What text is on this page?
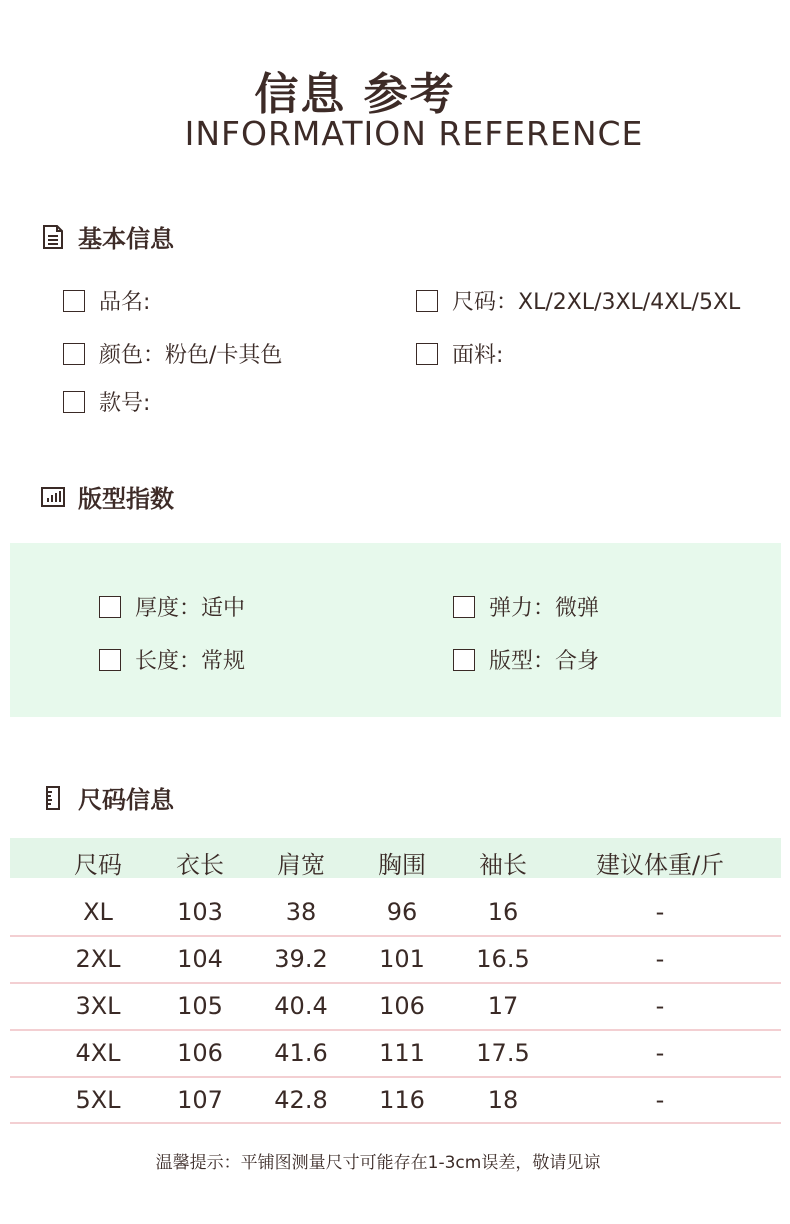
信息 参考
INFORMATION REFERENCE
基本信息
品名:	尺码：XL/2XL/3XL/4XL/5XL
颜色：粉色/卡其色	面料:
款号:
版型指数
厚度：适中	弹力：微弹
长度：常规	版型：合身
尺码信息
尺码	衣长	肩宽	胸围	袖长	建议体重/斤
XL	103	38	96	16	-
2XL	104	39.2	101	16.5	-
3XL	105	40.4	106	17	-
4XL	106	41.6	111	17.5	-
5XL	107	42.8	116	18	-
温馨提示：平铺图测量尺寸可能存在1-3cm误差，敬请见谅
